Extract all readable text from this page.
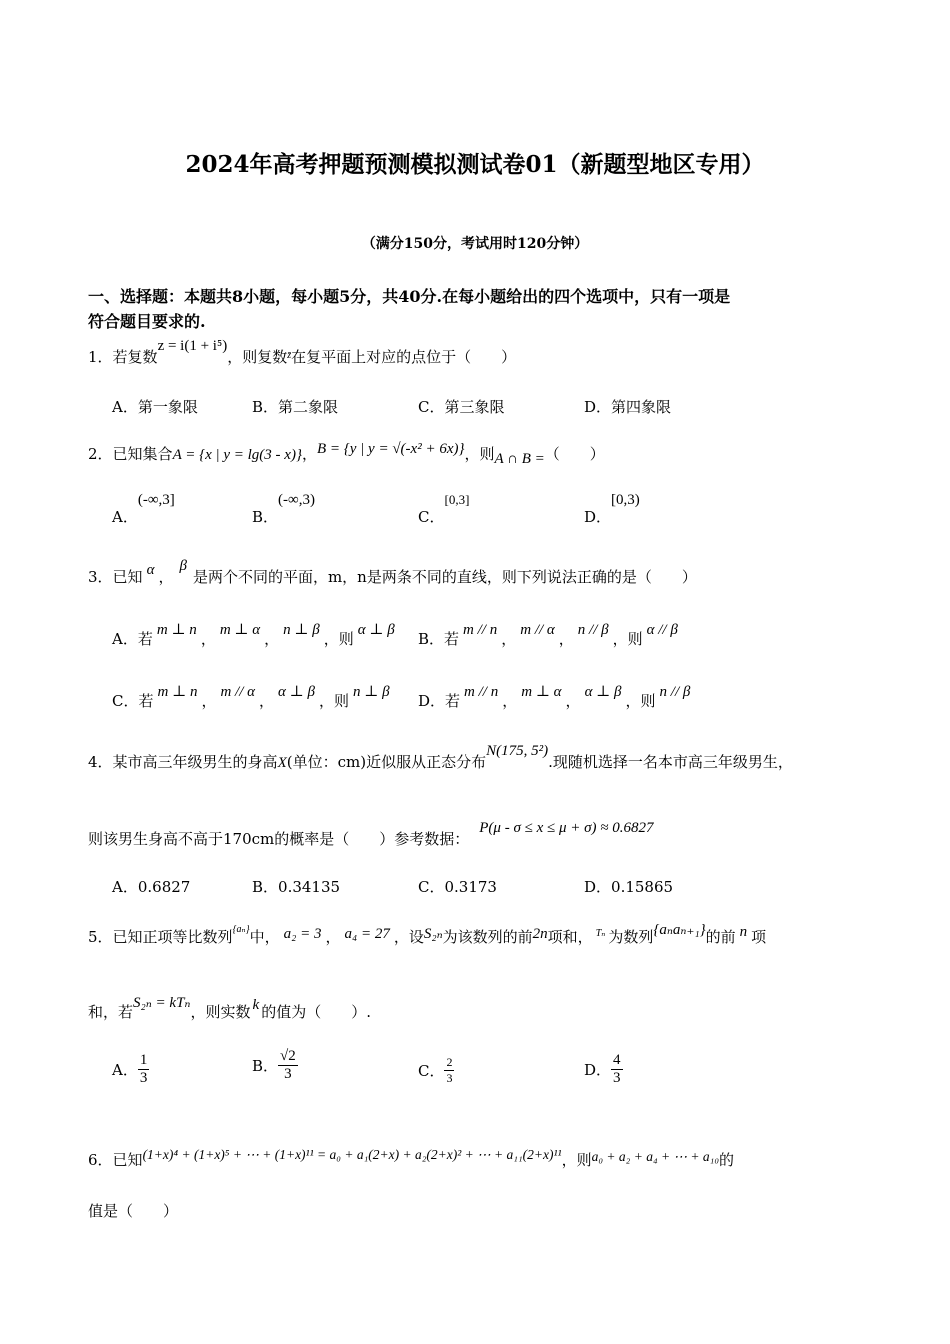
2024年高考押题预测模拟测试卷01（新题型地区专用）
（满分150分，考试用时120分钟）
一、选择题：本题共8小题，每小题5分，共40分.在每小题给出的四个选项中，只有一项是
符合题目要求的.
1．若复数z = i(1 + i⁵)，则复数$^{z̄}$在复平面上对应的点位于（　　）
A．第一象限	B．第二象限	C．第三象限	D．第四象限
2．已知集合A = {x | y = lg(3 - x)}，B = {y | y = √(-x² + 6x)}，则A ∩ B =（　　）
A．(-∞,3]
B．(-∞,3)
C．[0,3]
D．[0,3)
3．已知 α ，β是两个不同的平面，m，n是两条不同的直线，则下列说法正确的是（　　）
A．若 m ⊥ n ， m ⊥ α ， n ⊥ β ，则 α ⊥ β B．若 m // n ， m // α ， n // β ，则 α // β
C．若 m ⊥ n ， m // α ， α ⊥ β ，则 n ⊥ β D．若 m // n ， m ⊥ α ， α ⊥ β ，则 n // β
4．某市高三年级男生的身高X(单位：cm)近似服从正态分布N(175, 5²).现随机选择一名本市高三年级男生，
则该男生身高不高于170cm的概率是（　　）参考数据：P(μ - σ ≤ x ≤ μ + σ) ≈ 0.6827
A．0.6827	B．0.34135	C．0.3173	D．0.15865
5．已知正项等比数列$^{\{a_n\}}$中， a₂ = 3 ， a₄ = 27 ，设S₂ₙ为该数列的前2n项和， $^{T_n}$ 为数列{aₙaₙ₊₁}的前 n 项
和，若S₂ₙ = kTₙ，则实数 k 的值为（　　）.
A． $\frac{1}{3}$	B． $\frac{√2}{3}$	C． $\frac{2}{3}$	D． $\frac{4}{3}$
6．已知(1+x)⁴ + (1+x)⁵ + ⋯ + (1+x)¹¹ = a₀ + a₁(2+x) + a₂(2+x)² + ⋯ + a₁₁(2+x)¹¹，则a₀ + a₂ + a₄ + ⋯ + a₁₀的
值是（　　）
